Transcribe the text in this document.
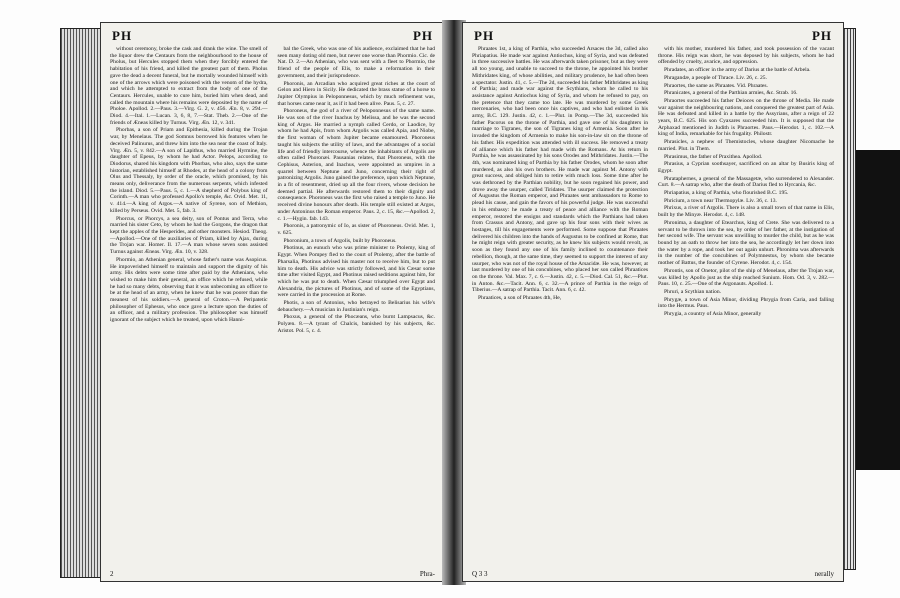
PH	PH

without ceremony, broke the cask and drank the wine. The smell of the liquor drew the Centaurs from the neighbourhood to the house of Pholus, but Hercules stopped them when they forcibly entered the habitation of his friend, and killed the greatest part of them. Pholus gave the dead a decent funeral, but he mortally wounded himself with one of the arrows which were poisoned with the venom of the hydra, and which he attempted to extract from the body of one of the Centaurs. Hercules, unable to cure him, buried him when dead, and called the mountain where his remains were deposited by the name of Pholoe. Apollod. 2.—Paus. 3.—Virg. G. 2, v. 456. Æn. 8, v. 294.—Diod. 4.—Ital. 1.—Lucan. 3, 6, 8, 7.—Stat. Theb. 2.—One of the friends of Æneas killed by Turnus. Virg. Æn. 12, v. 341.

Phorbas, a son of Priam and Epithesia, killed during the Trojan war, by Menelaus. The god Somnus borrowed his features when he deceived Palinurus, and threw him into the sea near the coast of Italy. Virg. Æn. 5, v. 842.—A son of Lapithus, who married Hyrmine, the daughter of Epeus, by whom he had Actor. Pelops, according to Diodorus, shared his kingdom with Phorbas, who also, says the same historian, established himself at Rhodes, at the head of a colony from Olus and Thessaly, by order of the oracle, which promised, by his means only, deliverance from the numerous serpents, which infested the island. Diod. 5.—Paus. 5, c. 1.—A shepherd of Polybus king of Corinth.—A man who professed Apollo's temple, &c. Ovid. Met. 11, v. 414.—A king of Argos.—A native of Syrene, son of Methion, killed by Perseus. Ovid. Met. 5, fab. 3.

Phorcus, or Phorcys, a sea deity, son of Pontus and Terra, who married his sister Ceto, by whom he had the Gorgons, the dragon that kept the apples of the Hesperides, and other monsters. Hesiod. Theog.—Apollod.—One of the auxiliaries of Priam, killed by Ajax, during the Trojan war. Homer. Il. 17.—A man whose seven sons assisted Turnus against Æneas. Virg. Æn. 10, v. 328.

Phormio, an Athenian general, whose father's name was Asopicus. He impoverished himself to maintain and support the dignity of his army. His debts were some time after paid by the Athenians, who wished to make him their general, an office which he refused, while he had so many debts, observing that it was unbecoming an officer to be at the head of an army, when he knew that he was poorer than the meanest of his soldiers.—A general of Croton.—A Peripatetic philosopher of Ephesus, who once gave a lecture upon the duties of an officer, and a military profession. The philosopher was himself ignorant of the subject which he treated, upon which Hanni-

bal the Greek, who was one of his audience, exclaimed that he had seen many doting old men, but never one worse than Phormio. Cic. de Nat. D. 2.—An Athenian, who was sent with a fleet to Phormio, the friend of the people of Elis, to make a reformation in their government, and their jurisprudence.

Phoronis, an Arcadian who acquired great riches at the court of Gelon and Hiero in Sicily. He dedicated the brass statue of a horse to Jupiter Olympius in Peloponnesus, which by much refinement was, that horses came near it, as if it had been alive. Paus. 5, c. 27.

Phoroneus, the god of a river of Peloponnesus of the same name. He was son of the river Inachus by Melissa, and he was the second king of Argos. He married a nymph called Cerdo, or Laodice, by whom he had Apis, from whom Argolis was called Apia, and Niobe, the first woman of whom Jupiter became enamoured. Phoroneus taught his subjects the utility of laws, and the advantages of a social life and of friendly intercourse, whence the inhabitants of Argolis are often called Phoronæi. Pausanias relates, that Phoroneus, with the Cephisus, Asterion, and Inachus, were appointed as umpires in a quarrel between Neptune and Juno, concerning their right of patronizing Argolis. Juno gained the preference, upon which Neptune, in a fit of resentment, dried up all the four rivers, whose decision he deemed partial. He afterwards restored them to their dignity and consequence. Phoroneus was the first who raised a temple to Juno. He received divine honours after death. His temple still existed at Argos, under Antoninus the Roman emperor. Paus. 2, c. 15, &c.—Apollod. 2, c. 1.—Hygin. fab. 143.

Phoronis, a patronymic of Io, as sister of Phoroneus. Ovid. Met. 1, v. 625.

Phoronium, a town of Argolis, built by Phoroneus.

Photinus, an eunuch who was prime minister to Ptolemy, king of Egypt. When Pompey fled to the court of Ptolemy, after the battle of Pharsalia, Photinus advised his master not to receive him, but to put him to death. His advice was strictly followed, and his Cæsar some time after visited Egypt, and Photinus raised seditions against him, for which he was put to death. When Cæsar triumphed over Egypt and Alexandria, the pictures of Photinus, and of some of the Egyptians, were carried in the procession at Rome.

Photis, a son of Antonius, who betrayed to Belisarius his wife's debauchery.—A musician in Justinian's reign.

Phoxus, a general of the Phocæans, who burnt Lampsacus, &c. Polyæn. 8.—A tyrant of Chalcis, banished by his subjects, &c. Aristot. Pol. 5, c. 4.

2	Phra-
PH	PH

Phraates 1st, a king of Parthia, who succeeded Arsaces the 3d, called also Phriapatius. He made war against Antiochus, king of Syria, and was defeated in three successive battles. He was afterwards taken prisoner, but as they were all too young, and unable to succeed to the throne, he appointed his brother Mithridates king, of whose abilities, and military prudence, he had often been a spectator. Justin. 41, c. 5.—The 2d, succeeded his father Mithridates as king of Parthia; and made war against the Scythians, whom he called to his assistance against Antiochus king of Syria, and whom he refused to pay, on the pretence that they came too late. He was murdered by some Greek mercenaries, who had been once his captives, and who had enlisted in his army, B.C. 129. Justin. 42, c. 1.—Plut. in Pomp.—The 3d, succeeded his father Pacorus on the throne of Parthia, and gave one of his daughters in marriage to Tigranes, the son of Tigranes king of Armenia. Soon after he invaded the kingdom of Armenia to make his son-in-law sit on the throne of his father. His expedition was attended with ill success. He removed a treaty of alliance which his father had made with the Romans. At his return in Parthia, he was assassinated by his sons Orodes and Mithridates. Justin.—The 4th, was nominated king of Parthia by his father Orodes, whom he soon after murdered, as also his own brothers. He made war against M. Antony with great success, and obliged him to retire with much loss. Some time after he was dethroned by the Parthian nobility, but he soon regained his power, and drove away the usurper, called Tiridates. The usurper claimed the protection of Augustus the Roman emperor, and Phraates sent ambassadors to Rome to plead his cause, and gain the favors of his powerful judge. He was successful in his embassy: he made a treaty of peace and alliance with the Roman emperor, restored the ensigns and standards which the Parthians had taken from Crassus and Antony, and gave up his four sons with their wives as hostages, till his engagements were performed. Some suppose that Phraates delivered his children into the hands of Augustus to be confined at Rome, that he might reign with greater security, as he knew his subjects would revolt, as soon as they found any one of his family inclined to countenance their rebellion, though, at the same time, they seemed to support the interest of any usurper, who was not of the royal house of the Arsacidæ. He was, however, at last murdered by one of his concubines, who placed her son called Phraatices on the throne. Val. Max. 7, c. 6.—Justin. 42, c. 5.—Diod. Cal. 51, &c.—Plut. in Anton. &c.—Tacit. Ann. 6, c. 32.—A prince of Parthia in the reign of Tiberius.—A satrap of Parthia. Tacit. Ann. 6, c. 42.

Phraatices, a son of Phraates 4th, He,

with his mother, murdered his father, and took possession of the vacant throne. His reign was short, he was deposed by his subjects, whom he had offended by cruelty, avarice, and oppression.

Phradates, an officer in the army of Darius at the battle of Arbela.

Phragandæ, a people of Thrace. Liv. 26, c. 25.

Phraortes, the same as Phraates. Vid. Phraates.

Phranicates, a general of the Parthian armies, &c. Strab. 16.

Phraortes succeeded his father Deioces on the throne of Media. He made war against the neighbouring nations, and conquered the greatest part of Asia. He was defeated and killed in a battle by the Assyrians, after a reign of 22 years, B.C. 625. His son Cyaxares succeeded him. It is supposed that the Arphaxad mentioned in Judith is Phraortes. Paus.—Herodot. 1, c. 102.—A king of India, remarkable for his frugality. Philostr.

Phrasicles, a nephew of Themistocles, whose daughter Nicomache he married. Plut. in Them.

Phrasimus, the father of Praxithea. Apollod.

Phrasius, a Cyprian soothsayer, sacrificed on an altar by Busiris king of Egypt.

Phrataphernes, a general of the Massagetæ, who surrendered to Alexander. Curt. 8.—A satrap who, after the death of Darius fled to Hyrcania, &c.

Phriapatius, a king of Parthia, who flourished B.C. 195.

Phricium, a town near Thermopylæ. Liv. 36, c. 13.

Phrixus, a river of Argolis. There is also a small town of that name in Elis, built by the Minyæ. Herodot. 4, c. 148.

Phronima, a daughter of Etearchus, king of Crete. She was delivered to a servant to be thrown into the sea, by order of her father, at the instigation of her second wife. The servant was unwilling to murder the child, but as he was bound by an oath to throw her into the sea, he accordingly let her down into the water by a rope, and took her out again unhurt. Phronima was afterwards in the number of the concubines of Polymnestus, by whom she became mother of Battus, the founder of Cyrene. Herodot. 4, c. 154.

Phrontis, son of Onetor, pilot of the ship of Menelaus, after the Trojan war, was killed by Apollo just as the ship reached Sunium. Hom. Od. 3, v. 282.—Paus. 10, c. 25.—One of the Argonauts. Apollod. 1.

Phruri, a Scythian nation.

Phrygæ, a town of Asia Minor, dividing Phrygia from Caria, and falling into the Hermus. Paus.

Phrygia, a country of Asia Minor, generally

Q 3 3	nerally
